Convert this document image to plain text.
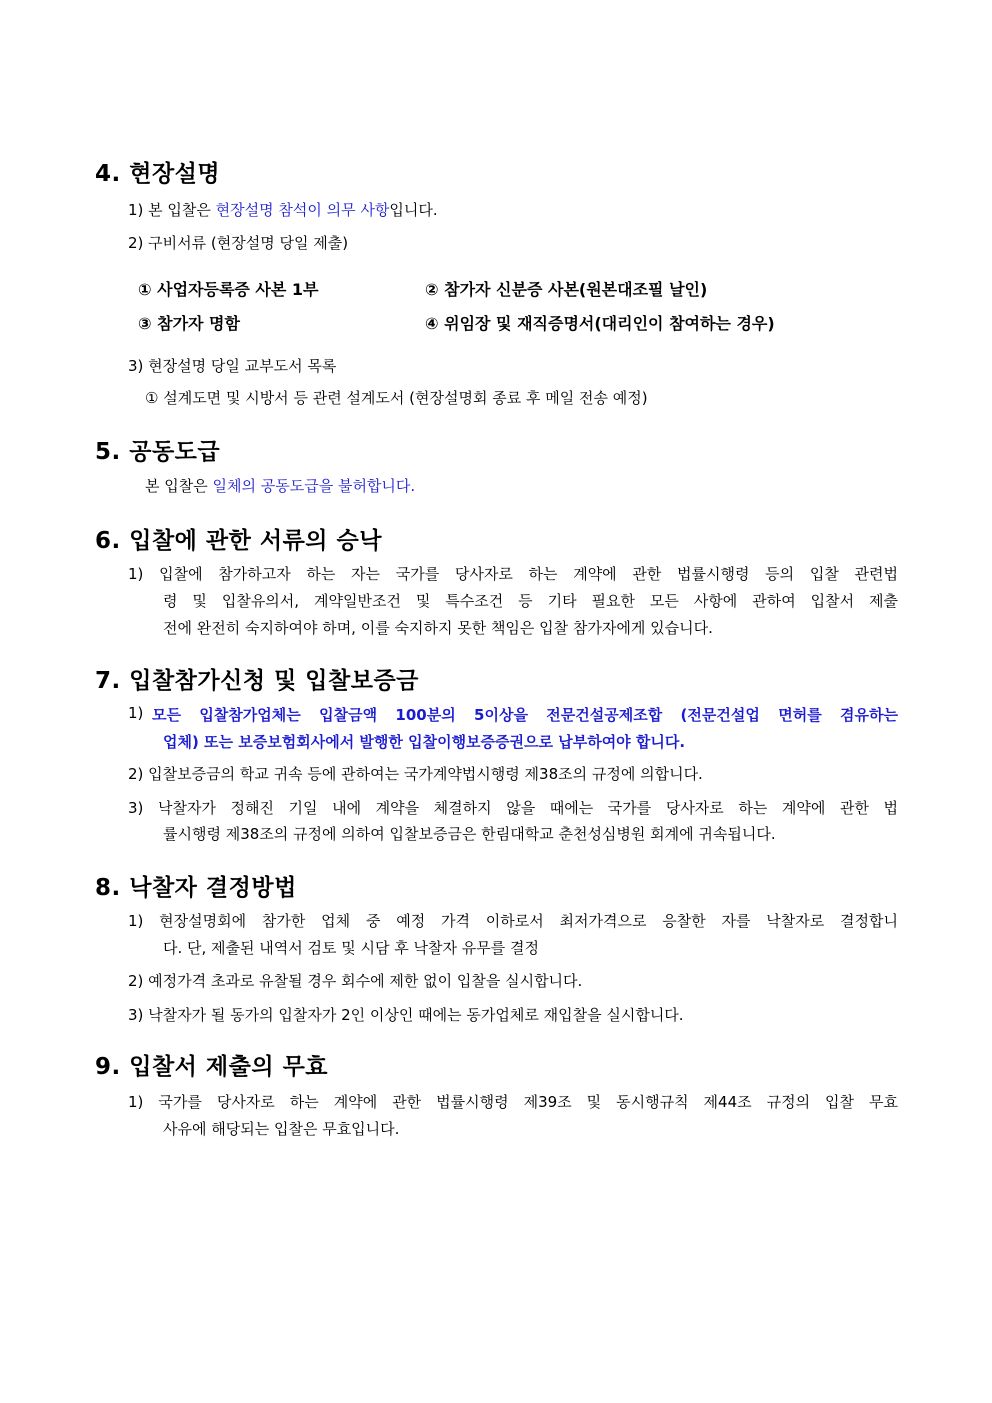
4. 현장설명
1) 본 입찰은 현장설명 참석이 의무 사항입니다.
2) 구비서류 (현장설명 당일 제출)
① 사업자등록증 사본 1부	② 참가자 신분증 사본(원본대조필 날인)
③ 참가자 명함	④ 위임장 및 재직증명서(대리인이 참여하는 경우)
3) 현장설명 당일 교부도서 목록
① 설계도면 및 시방서 등 관련 설계도서 (현장설명회 종료 후 메일 전송 예정)
5. 공동도급
본 입찰은 일체의 공동도급을 불허합니다.
6. 입찰에 관한 서류의 승낙
1) 입찰에 참가하고자 하는 자는 국가를 당사자로 하는 계약에 관한 법률시행령 등의 입찰 관련법
령 및 입찰유의서, 계약일반조건 및 특수조건 등 기타 필요한 모든 사항에 관하여 입찰서 제출
전에 완전히 숙지하여야 하며, 이를 숙지하지 못한 책임은 입찰 참가자에게 있습니다.
7. 입찰참가신청 및 입찰보증금
1) 모든 입찰참가업체는 입찰금액 100분의 5이상을 전문건설공제조합 (전문건설업 면허를 겸유하는
업체) 또는 보증보험회사에서 발행한 입찰이행보증증권으로 납부하여야 합니다.
2) 입찰보증금의 학교 귀속 등에 관하여는 국가계약법시행령 제38조의 규정에 의합니다.
3) 낙찰자가 정해진 기일 내에 계약을 체결하지 않을 때에는 국가를 당사자로 하는 계약에 관한 법
률시행령 제38조의 규정에 의하여 입찰보증금은 한림대학교 춘천성심병원 회계에 귀속됩니다.
8. 낙찰자 결정방법
1) 현장설명회에 참가한 업체 중 예정 가격 이하로서 최저가격으로 응찰한 자를 낙찰자로 결정합니
다. 단, 제출된 내역서 검토 및 시담 후 낙찰자 유무를 결정
2) 예정가격 초과로 유찰될 경우 회수에 제한 없이 입찰을 실시합니다.
3) 낙찰자가 될 동가의 입찰자가 2인 이상인 때에는 동가업체로 재입찰을 실시합니다.
9. 입찰서 제출의 무효
1) 국가를 당사자로 하는 계약에 관한 법률시행령 제39조 및 동시행규칙 제44조 규정의 입찰 무효
사유에 해당되는 입찰은 무효입니다.
